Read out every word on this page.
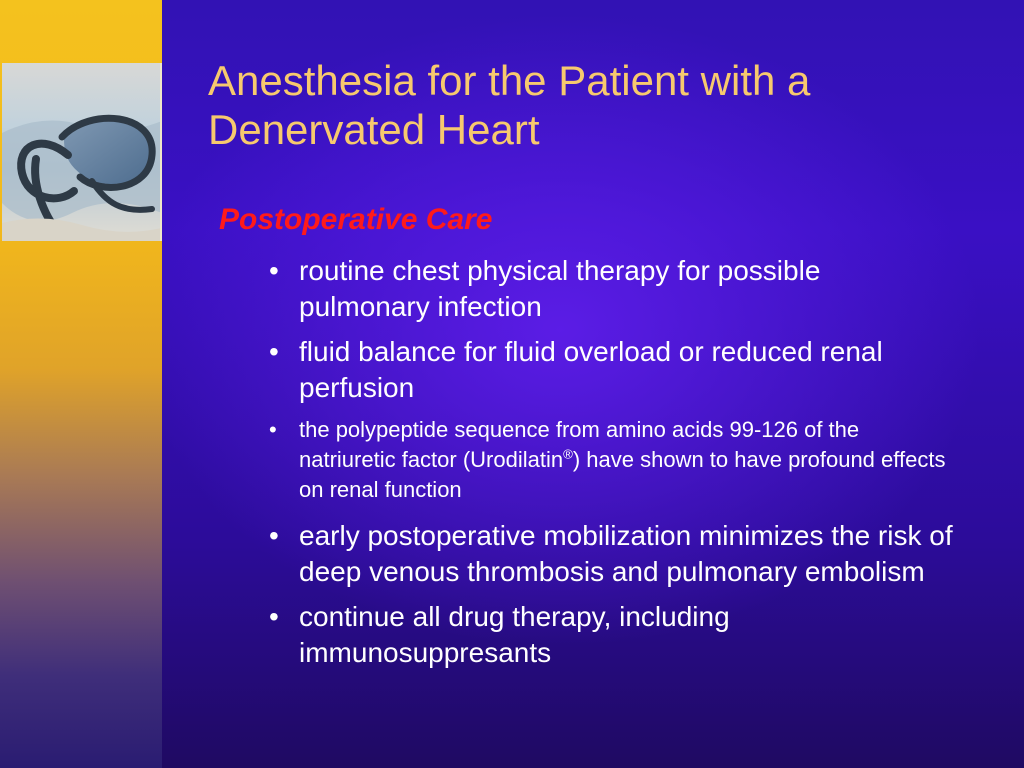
Anesthesia for the Patient with a
Denervated Heart
Postoperative Care
• routine chest physical therapy for possible pulmonary infection
• fluid balance for fluid overload or reduced renal perfusion
• the polypeptide sequence from amino acids 99-126 of the natriuretic factor (Urodilatin®) have shown to have profound effects on renal function
• early postoperative mobilization minimizes the risk of deep venous thrombosis and pulmonary embolism
• continue all drug therapy, including immunosuppresants
